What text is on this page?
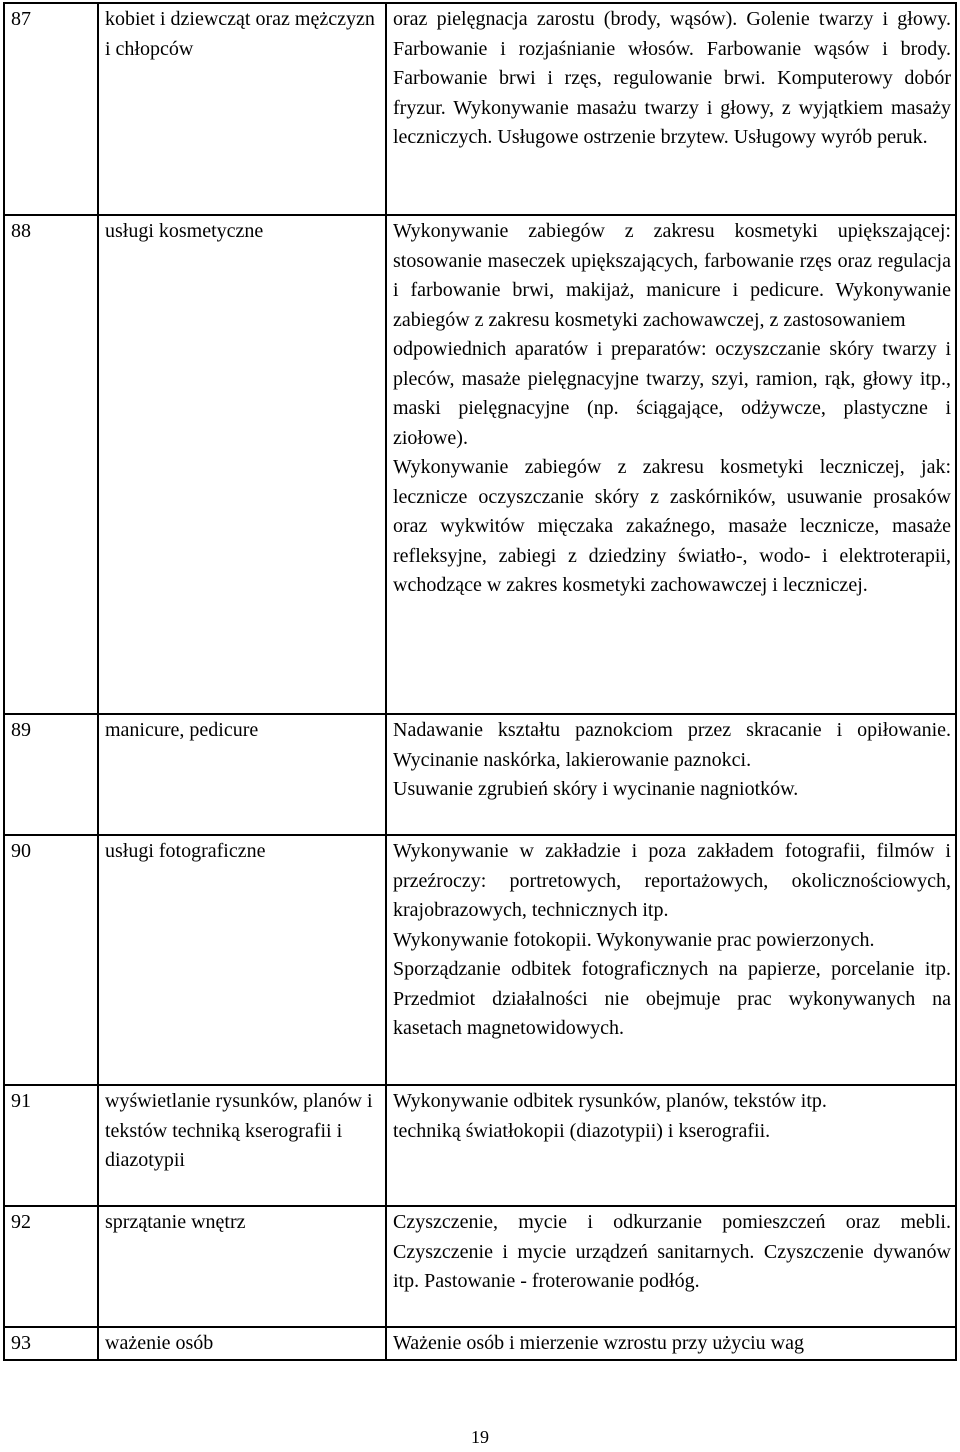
87	kobiet i dziewcząt oraz mężczyzn i chłopców	oraz pielęgnacja zarostu (brody, wąsów). Golenie twarzy i głowy. Farbowanie i rozjaśnianie włosów. Farbowanie wąsów i brody. Farbowanie brwi i rzęs, regulowanie brwi. Komputerowy dobór fryzur. Wykonywanie masażu twarzy i głowy, z wyjątkiem masaży leczniczych. Usługowe ostrzenie brzytew. Usługowy wyrób peruk.

88	usługi kosmetyczne	Wykonywanie zabiegów z zakresu kosmetyki upiększającej: stosowanie maseczek upiększających, farbowanie rzęs oraz regulacja i farbowanie brwi, makijaż, manicure i pedicure. Wykonywanie zabiegów z zakresu kosmetyki zachowawczej, z zastosowaniem
odpowiednich aparatów i preparatów: oczyszczanie skóry twarzy i pleców, masaże pielęgnacyjne twarzy, szyi, ramion, rąk, głowy itp., maski pielęgnacyjne (np. ściągające, odżywcze, plastyczne i ziołowe).
Wykonywanie zabiegów z zakresu kosmetyki leczniczej, jak: lecznicze oczyszczanie skóry z zaskórników, usuwanie prosaków oraz wykwitów mięczaka zakaźnego, masaże lecznicze, masaże refleksyjne, zabiegi z dziedziny światło-, wodo- i elektroterapii, wchodzące w zakres kosmetyki zachowawczej i leczniczej.

89	manicure, pedicure	Nadawanie kształtu paznokciom przez skracanie i opiłowanie. Wycinanie naskórka, lakierowanie paznokci.
Usuwanie zgrubień skóry i wycinanie nagniotków.

90	usługi fotograficzne	Wykonywanie w zakładzie i poza zakładem fotografii, filmów i przeźroczy: portretowych, reportażowych, okolicznościowych, krajobrazowych, technicznych itp.
Wykonywanie fotokopii. Wykonywanie prac powierzonych.
Sporządzanie odbitek fotograficznych na papierze, porcelanie itp. Przedmiot działalności nie obejmuje prac wykonywanych na kasetach magnetowidowych.

91	wyświetlanie rysunków, planów i tekstów techniką kserografii i diazotypii	Wykonywanie odbitek rysunków, planów, tekstów itp.
techniką światłokopii (diazotypii) i kserografii.

92	sprzątanie wnętrz	Czyszczenie, mycie i odkurzanie pomieszczeń oraz mebli. Czyszczenie i mycie urządzeń sanitarnych. Czyszczenie dywanów itp. Pastowanie - froterowanie podłóg.

93	ważenie osób	Ważenie osób i mierzenie wzrostu przy użyciu wag
19
